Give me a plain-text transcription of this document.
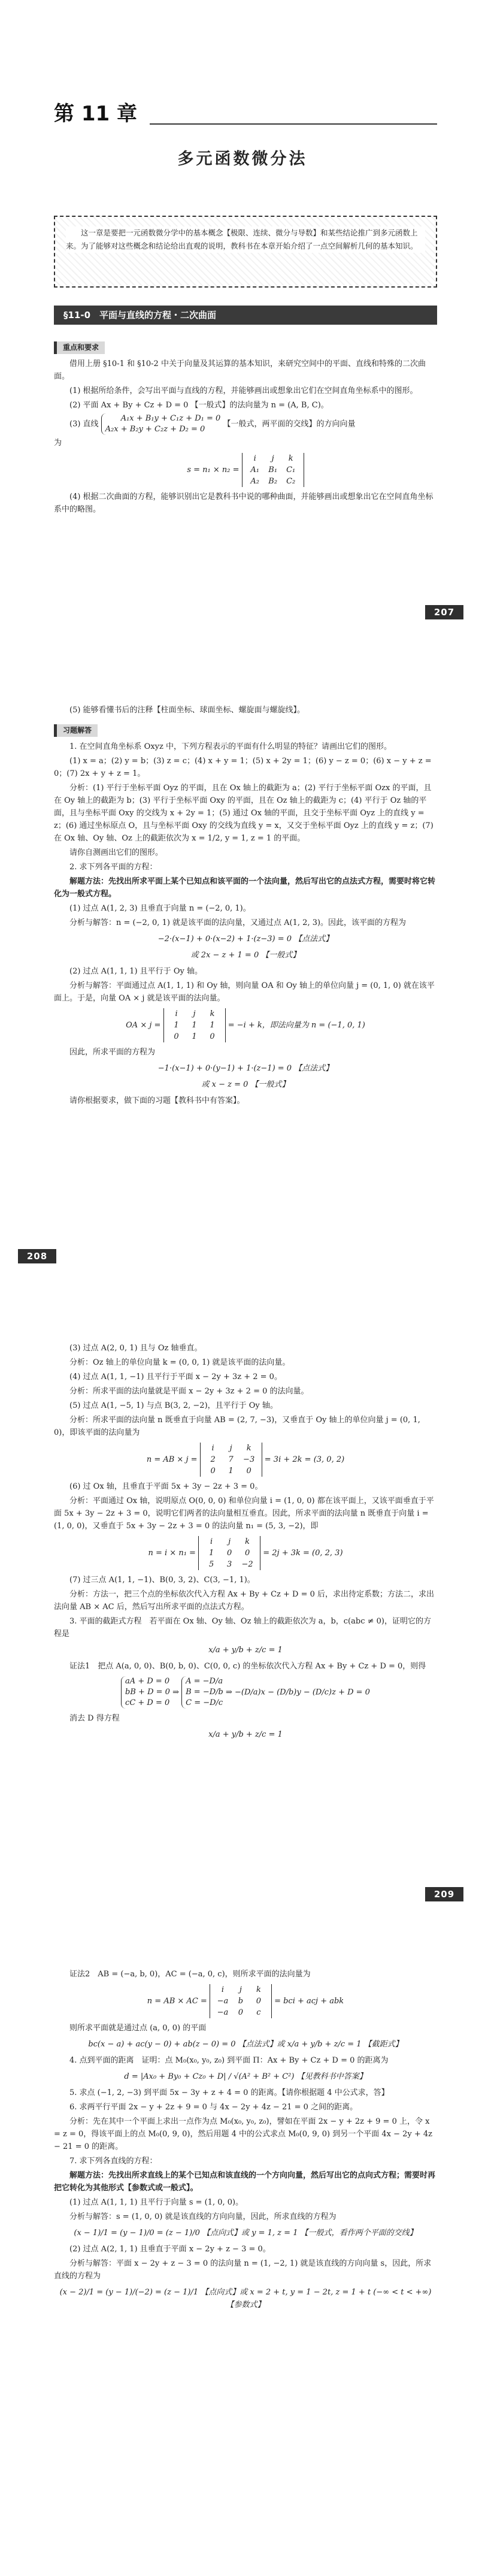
第 11 章
多元函数微分法

这一章是要把一元函数微分学中的基本概念【极限、连续、微分与导数】和某些结论推广到多元函数上来。为了能够对这些概念和结论给出直观的说明，教科书在本章开始介绍了一点空间解析几何的基本知识。

§11-0　平面与直线的方程・二次曲面
重点和要求

借用上册 §10-1 和 §10-2 中关于向量及其运算的基本知识，来研究空间中的平面、直线和特殊的二次曲面。

(1) 根据所给条件，会写出平面与直线的方程，并能够画出或想象出它们在空间直角坐标系中的图形。

(2) 平面 Ax + By + Cz + D = 0 【一般式】的法向量为 n = (A, B, C)。

(3) 直线 A₁x + B₁y + C₁z + D₁ = 0
A₂x + B₂y + C₂z + D₂ = 0 【一般式，两平面的交线】的方向向量

为

s = n₁ × n₂ = i j k
A₁ B₁ C₁
A₂ B₂ C₂

(4) 根据二次曲面的方程，能够识别出它是教科书中说的哪种曲面，并能够画出或想象出它在空间直角坐标系中的略图。

207

(5) 能够看懂书后的注释【柱面坐标、球面坐标、螺旋面与螺旋线】。

习题解答

1. 在空间直角坐标系 Oxyz 中，下列方程表示的平面有什么明显的特征？请画出它们的图形。

(1) x = a；(2) y = b；(3) z = c；(4) x + y = 1；(5) x + 2y = 1；(6) y − z = 0；(6) x − y + z = 0；(7) 2x + y + z = 1。

分析：(1) 平行于坐标平面 Oyz 的平面，且在 Ox 轴上的截距为 a；(2) 平行于坐标平面 Ozx 的平面，且在 Oy 轴上的截距为 b；(3) 平行于坐标平面 Oxy 的平面，且在 Oz 轴上的截距为 c；(4) 平行于 Oz 轴的平面，且与坐标平面 Oxy 的交线为 x + 2y = 1；(5) 通过 Ox 轴的平面，且交于坐标平面 Oyz 上的直线 y = z；(6) 通过坐标原点 O，且与坐标平面 Oxy 的交线为直线 y = x，又交于坐标平面 Oyz 上的直线 y = z；(7) 在 Ox 轴、Oy 轴、Oz 上的截距依次为 x = 1/2, y = 1, z = 1 的平面。

请你自测画出它们的图形。

2. 求下列各平面的方程：

解题方法：先找出所求平面上某个已知点和该平面的一个法向量，然后写出它的点法式方程，需要时将它转化为一般式方程。

(1) 过点 A(1, 2, 3) 且垂直于向量 n = (−2, 0, 1)。

分析与解答：n = (−2, 0, 1) 就是该平面的法向量，又通过点 A(1, 2, 3)。因此，该平面的方程为

−2·(x−1) + 0·(x−2) + 1·(z−3) = 0 【点法式】
或 2x − z + 1 = 0 【一般式】

(2) 过点 A(1, 1, 1) 且平行于 Oy 轴。

分析与解答：平面通过点 A(1, 1, 1) 和 Oy 轴，则向量 OA 和 Oy 轴上的单位向量 j = (0, 1, 0) 就在该平面上。于是，向量 OA × j 就是该平面的法向量。

OA × j = i j k
1 1 1
0 1 0 = −i + k，即法向量为 n = (−1, 0, 1)

因此，所求平面的方程为

−1·(x−1) + 0·(y−1) + 1·(z−1) = 0 【点法式】
或 x − z = 0 【一般式】

请你根据要求，做下面的习题【教科书中有答案】。

208

(3) 过点 A(2, 0, 1) 且与 Oz 轴垂直。

分析：Oz 轴上的单位向量 k = (0, 0, 1) 就是该平面的法向量。

(4) 过点 A(1, 1, −1) 且平行于平面 x − 2y + 3z + 2 = 0。

分析：所求平面的法向量就是平面 x − 2y + 3z + 2 = 0 的法向量。

(5) 过点 A(1, −5, 1) 与点 B(3, 2, −2)，且平行于 Oy 轴。

分析：所求平面的法向量 n 既垂直于向量 AB = (2, 7, −3)，又垂直于 Oy 轴上的单位向量 j = (0, 1, 0)，即该平面的法向量为

n = AB × j = i j k
2 7 −3
0 1 0 = 3i + 2k = (3, 0, 2)

(6) 过 Ox 轴，且垂直于平面 5x + 3y − 2z + 3 = 0。

分析：平面通过 Ox 轴，说明原点 O(0, 0, 0) 和单位向量 i = (1, 0, 0) 都在该平面上，又该平面垂直于平面 5x + 3y − 2z + 3 = 0，说明它们两者的法向量相互垂直。因此，所求平面的法向量 n 既垂直于向量 i = (1, 0, 0)，又垂直于 5x + 3y − 2z + 3 = 0 的法向量 n₁ = (5, 3, −2)，即

n = i × n₁ = i j k
1 0 0
5 3 −2 = 2j + 3k = (0, 2, 3)

(7) 过三点 A(1, 1, −1)、B(0, 3, 2)、C(3, −1, 1)。

分析：方法一，把三个点的坐标依次代入方程 Ax + By + Cz + D = 0 后，求出待定系数；方法二，求出法向量 AB × AC 后，然后写出所求平面的点法式方程。

3. 平面的截距式方程　若平面在 Ox 轴、Oy 轴、Oz 轴上的截距依次为 a，b，c(abc ≠ 0)，证明它的方程是

x/a + y/b + z/c = 1

证法1　把点 A(a, 0, 0)、B(0, b, 0)、C(0, 0, c) 的坐标依次代入方程 Ax + By + Cz + D = 0，则得

aA + D = 0
bB + D = 0
cC + D = 0 ⇒ A = −D/a
B = −D/b
C = −D/c ⇒ −(D/a)x − (D/b)y − (D/c)z + D = 0

消去 D 得方程

x/a + y/b + z/c = 1
209

证法2　AB = (−a, b, 0)，AC = (−a, 0, c)，则所求平面的法向量为

n = AB × AC = i j k
−a b 0
−a 0 c = bci + acj + abk

则所求平面就是通过点 (a, 0, 0) 的平面

bc(x − a) + ac(y − 0) + ab(z − 0) = 0 【点法式】或 x/a + y/b + z/c = 1 【截距式】

4. 点到平面的距离　证明：点 M₀(x₀, y₀, z₀) 到平面 Π：Ax + By + Cz + D = 0 的距离为

d = |Ax₀ + By₀ + Cz₀ + D| / √(A² + B² + C²) 【见教科书中答案】

5. 求点 (−1, 2, −3) 到平面 5x − 3y + z + 4 = 0 的距离。【请你根据题 4 中公式求，答】

6. 求两平行平面 2x − y + 2z + 9 = 0 与 4x − 2y + 4z − 21 = 0 之间的距离。

分析：先在其中一个平面上求出一点作为点 M₀(x₀, y₀, z₀)，譬如在平面 2x − y + 2z + 9 = 0 上，令 x = z = 0，得该平面上的点 M₀(0, 9, 0)，然后用题 4 中的公式求点 M₀(0, 9, 0) 到另一个平面 4x − 2y + 4z − 21 = 0 的距离。

7. 求下列各直线的方程：

解题方法：先找出所求直线上的某个已知点和该直线的一个方向向量，然后写出它的点向式方程；需要时再把它转化为其他形式【参数式或一般式】。

(1) 过点 A(1, 1, 1) 且平行于向量 s = (1, 0, 0)。

分析与解答：s = (1, 0, 0) 就是该直线的方向向量，因此，所求直线的方程为

(x − 1)/1 = (y − 1)/0 = (z − 1)/0 【点向式】或 y = 1, z = 1 【一般式，看作两个平面的交线】

(2) 过点 A(2, 1, 1) 且垂直于平面 x − 2y + z − 3 = 0。

分析与解答：平面 x − 2y + z − 3 = 0 的法向量 n = (1, −2, 1) 就是该直线的方向向量 s，因此，所求直线的方程为

(x − 2)/1 = (y − 1)/(−2) = (z − 1)/1 【点向式】或 x = 2 + t, y = 1 − 2t, z = 1 + t (−∞ < t < +∞) 【参数式】
